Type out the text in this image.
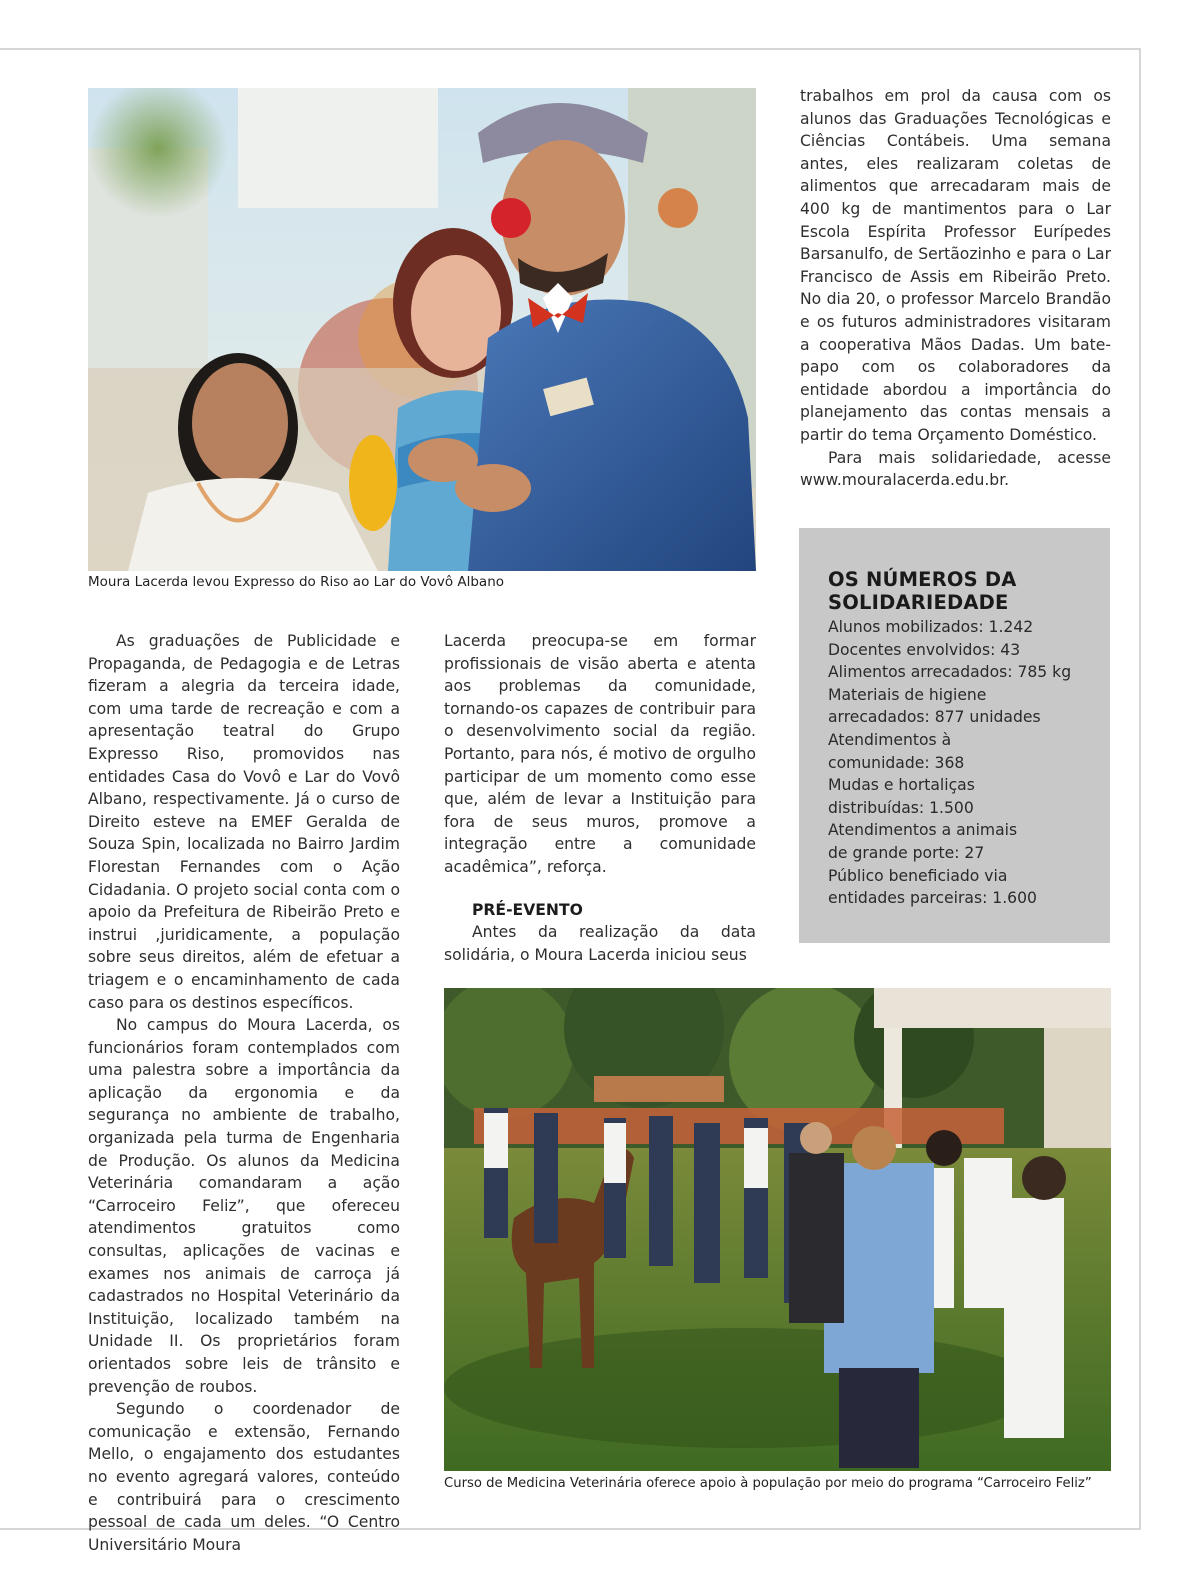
Moura Lacerda levou Expresso do Riso ao Lar do Vovô Albano

trabalhos em prol da causa com os alunos das Graduações Tecnológicas e Ciências Contábeis. Uma semana antes, eles realizaram coletas de alimentos que arrecadaram mais de 400 kg de mantimentos para o Lar Escola Espírita Professor Eurípedes Barsanulfo, de Sertãozinho e para o Lar Francisco de Assis em Ribeirão Preto. No dia 20, o professor Marcelo Brandão e os futuros administradores visitaram a cooperativa Mãos Dadas. Um bate-papo com os colaboradores da entidade abordou a importância do planejamento das contas mensais a partir do tema Orçamento Doméstico.

Para mais solidariedade, acesse www.mouralacerda.edu.br.

OS NÚMEROS DA SOLIDARIEDADE
Alunos mobilizados: 1.242
Docentes envolvidos: 43
Alimentos arrecadados: 785 kg
Materiais de higiene arrecadados: 877 unidades
Atendimentos à comunidade: 368
Mudas e hortaliças distribuídas: 1.500
Atendimentos a animais de grande porte: 27
Público beneficiado via entidades parceiras: 1.600

As graduações de Publicidade e Propaganda, de Pedagogia e de Letras fizeram a alegria da terceira idade, com uma tarde de recreação e com a apresentação teatral do Grupo Expresso Riso, promovidos nas entidades Casa do Vovô e Lar do Vovô Albano, respectivamente. Já o curso de Direito esteve na EMEF Geralda de Souza Spin, localizada no Bairro Jardim Florestan Fernandes com o Ação Cidadania. O projeto social conta com o apoio da Prefeitura de Ribeirão Preto e instrui ,juridicamente, a população sobre seus direitos, além de efetuar a triagem e o encaminhamento de cada caso para os destinos específicos.

No campus do Moura Lacerda, os funcionários foram contemplados com uma palestra sobre a importância da aplicação da ergonomia e da segurança no ambiente de trabalho, organizada pela turma de Engenharia de Produção. Os alunos da Medicina Veterinária comandaram a ação “Carroceiro Feliz”, que ofereceu atendimentos gratuitos como consultas, aplicações de vacinas e exames nos animais de carroça já cadastrados no Hospital Veterinário da Instituição, localizado também na Unidade II. Os proprietários foram orientados sobre leis de trânsito e prevenção de roubos.

Segundo o coordenador de comunicação e extensão, Fernando Mello, o engajamento dos estudantes no evento agregará valores, conteúdo e contribuirá para o crescimento pessoal de cada um deles. “O Centro Universitário Moura

Lacerda preocupa-se em formar profissionais de visão aberta e atenta aos problemas da comunidade, tornando-os capazes de contribuir para o desenvolvimento social da região. Portanto, para nós, é motivo de orgulho participar de um momento como esse que, além de levar a Instituição para fora de seus muros, promove a integração entre a comunidade acadêmica”, reforça.

PRÉ-EVENTO

Antes da realização da data solidária, o Moura Lacerda iniciou seus

Curso de Medicina Veterinária oferece apoio à população por meio do programa “Carroceiro Feliz”
